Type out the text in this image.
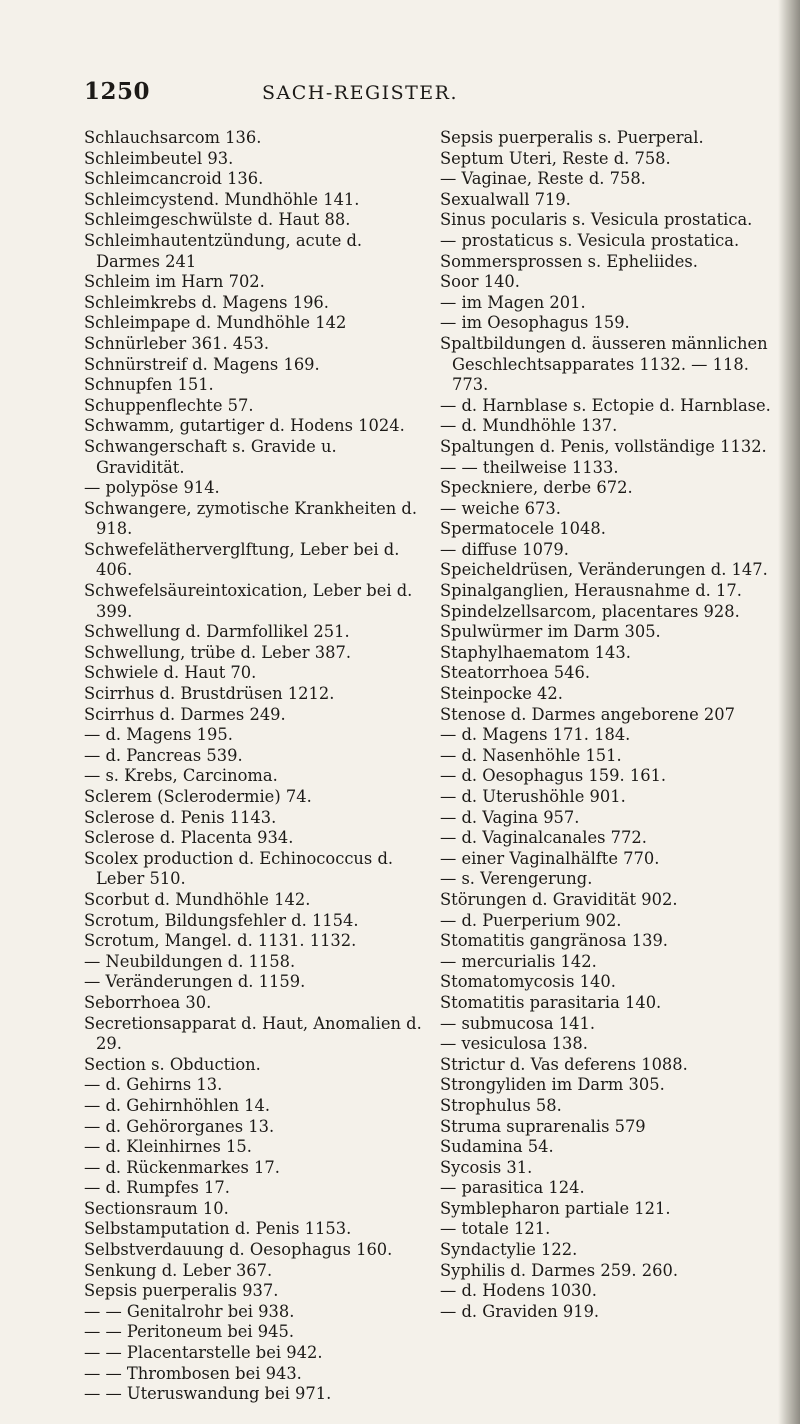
1250	SACH-REGISTER.
Schlauchsarcom 136.
Schleimbeutel 93.
Schleimcancroid 136.
Schleimcystend. Mundhöhle 141.
Schleimgeschwülste d. Haut 88.
Schleimhautentzündung, acute d. Darmes 241
Schleim im Harn 702.
Schleimkrebs d. Magens 196.
Schleimpape d. Mundhöhle 142
Schnürleber 361. 453.
Schnürstreif d. Magens 169.
Schnupfen 151.
Schuppenflechte 57.
Schwamm, gutartiger d. Hodens 1024.
Schwangerschaft s. Gravide u. Gravidität.
— polypöse 914.
Schwangere, zymotische Krankheiten d. 918.
Schwefelätherverglftung, Leber bei d. 406.
Schwefelsäureintoxication, Leber bei d. 399.
Schwellung d. Darmfollikel 251.
Schwellung, trübe d. Leber 387.
Schwiele d. Haut 70.
Scirrhus d. Brustdrüsen 1212.
Scirrhus d. Darmes 249.
— d. Magens 195.
— d. Pancreas 539.
— s. Krebs, Carcinoma.
Sclerem (Sclerodermie) 74.
Sclerose d. Penis 1143.
Sclerose d. Placenta 934.
Scolex production d. Echinococcus d. Leber 510.
Scorbut d. Mundhöhle 142.
Scrotum, Bildungsfehler d. 1154.
Scrotum, Mangel. d. 1131. 1132.
— Neubildungen d. 1158.
— Veränderungen d. 1159.
Seborrhoea 30.
Secretionsapparat d. Haut, Anomalien d. 29.
Section s. Obduction.
— d. Gehirns 13.
— d. Gehirnhöhlen 14.
— d. Gehörorganes 13.
— d. Kleinhirnes 15.
— d. Rückenmarkes 17.
— d. Rumpfes 17.
Sectionsraum 10.
Selbstamputation d. Penis 1153.
Selbstverdauung d. Oesophagus 160.
Senkung d. Leber 367.
Sepsis puerperalis 937.
— — Genitalrohr bei 938.
— — Peritoneum bei 945.
— — Placentarstelle bei 942.
— — Thrombosen bei 943.
— — Uteruswandung bei 971.
Sepsis puerperalis s. Puerperal.
Septum Uteri, Reste d. 758.
— Vaginae, Reste d. 758.
Sexualwall 719.
Sinus pocularis s. Vesicula prostatica.
— prostaticus s. Vesicula prostatica.
Sommersprossen s. Epheliides.
Soor 140.
— im Magen 201.
— im Oesophagus 159.
Spaltbildungen d. äusseren männlichen Geschlechtsapparates 1132. — 118. 773.
— d. Harnblase s. Ectopie d. Harnblase.
— d. Mundhöhle 137.
Spaltungen d. Penis, vollständige 1132.
— — theilweise 1133.
Speckniere, derbe 672.
— weiche 673.
Spermatocele 1048.
— diffuse 1079.
Speicheldrüsen, Veränderungen d. 147.
Spinalganglien, Herausnahme d. 17.
Spindelzellsarcom, placentares 928.
Spulwürmer im Darm 305.
Staphylhaematom 143.
Steatorrhoea 546.
Steinpocke 42.
Stenose d. Darmes angeborene 207
— d. Magens 171. 184.
— d. Nasenhöhle 151.
— d. Oesophagus 159. 161.
— d. Uterushöhle 901.
— d. Vagina 957.
— d. Vaginalcanales 772.
— einer Vaginalhälfte 770.
— s. Verengerung.
Störungen d. Gravidität 902.
— d. Puerperium 902.
Stomatitis gangränosa 139.
— mercurialis 142.
Stomatomycosis 140.
Stomatitis parasitaria 140.
— submucosa 141.
— vesiculosa 138.
Strictur d. Vas deferens 1088.
Strongyliden im Darm 305.
Strophulus 58.
Struma suprarenalis 579
Sudamina 54.
Sycosis 31.
— parasitica 124.
Symblepharon partiale 121.
— totale 121.
Syndactylie 122.
Syphilis d. Darmes 259. 260.
— d. Hodens 1030.
— d. Graviden 919.
